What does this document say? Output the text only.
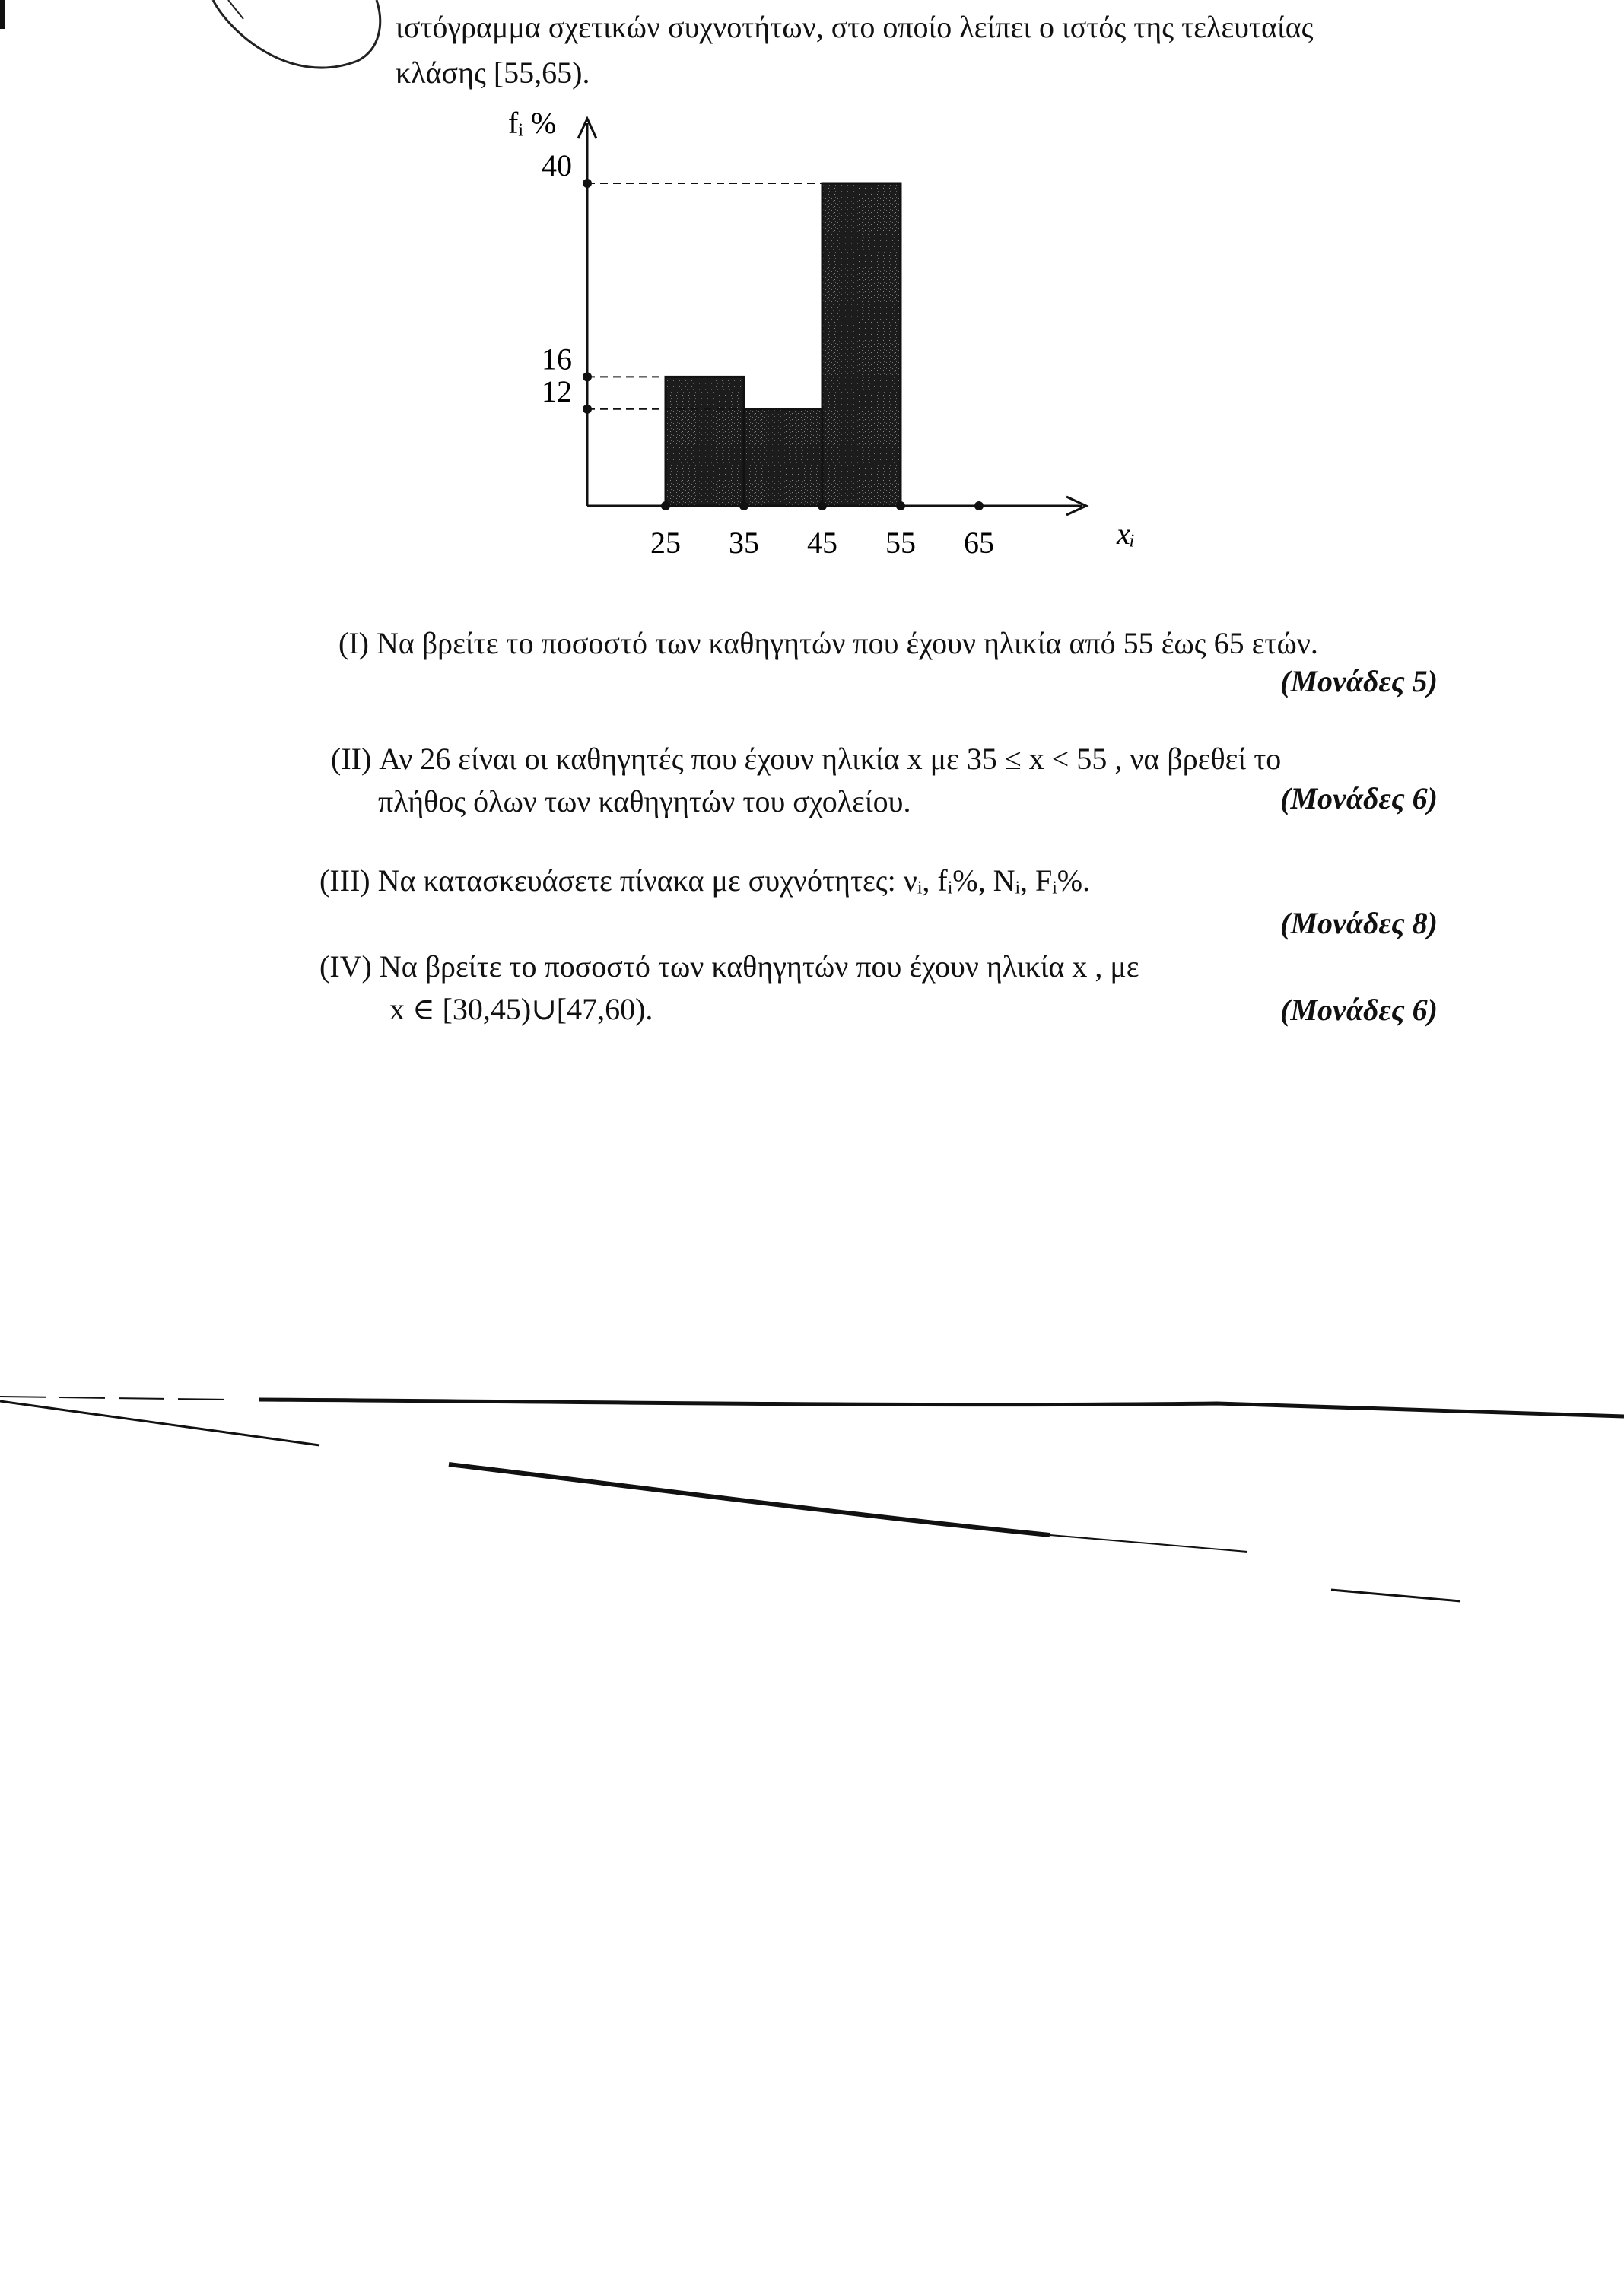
ιστόγραμμα σχετικών συχνοτήτων, στο οποίο λείπει ο ιστός της τελευταίας

κλάσης [55,65).

fᵢ %
xᵢ
12
16
40
25 35 45 55 65
(I) Να βρείτε το ποσοστό των καθηγητών που έχουν ηλικία από 55 έως 65 ετών.
(Μονάδες 5)
(II) Αν 26 είναι οι καθηγητές που έχουν ηλικία x με 35 ≤ x < 55 , να βρεθεί το
πλήθος όλων των καθηγητών του σχολείου.	(Μονάδες 6)
(III) Να κατασκευάσετε πίνακα με συχνότητες: νᵢ, fᵢ%, Nᵢ, Fᵢ%.
(Μονάδες 8)
(IV) Να βρείτε το ποσοστό των καθηγητών που έχουν ηλικία x , με
x ∈ [30,45)∪[47,60).	(Μονάδες 6)
